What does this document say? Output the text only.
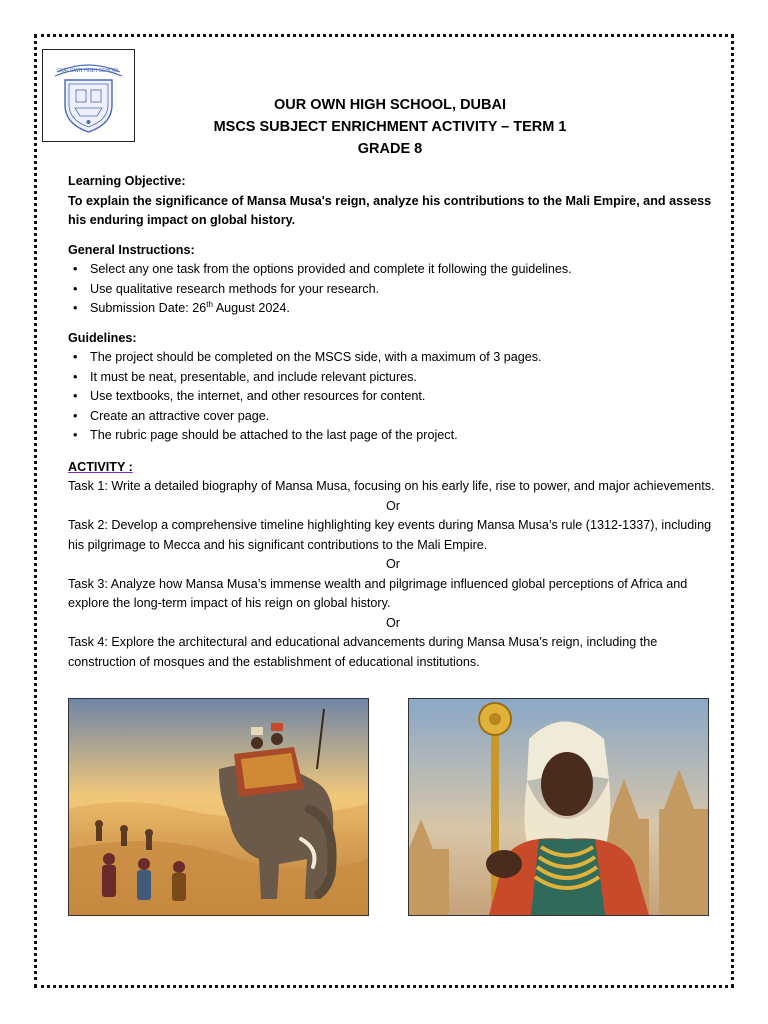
OUR OWN HIGH SCHOOL
OUR OWN HIGH SCHOOL, DUBAI
MSCS SUBJECT ENRICHMENT ACTIVITY – TERM 1
GRADE 8
Learning Objective:
To explain the significance of Mansa Musa's reign, analyze his contributions to the Mali Empire, and assess his enduring impact on global history.
General Instructions:
• Select any one task from the options provided and complete it following the guidelines.
• Use qualitative research methods for your research.
• Submission Date: 26th August 2024.
Guidelines:
• The project should be completed on the MSCS side, with a maximum of 3 pages.
• It must be neat, presentable, and include relevant pictures.
• Use textbooks, the internet, and other resources for content.
• Create an attractive cover page.
• The rubric page should be attached to the last page of the project.
ACTIVITY :
Task 1: Write a detailed biography of Mansa Musa, focusing on his early life, rise to power, and major achievements.
Or
Task 2: Develop a comprehensive timeline highlighting key events during Mansa Musa’s rule (1312-1337), including his pilgrimage to Mecca and his significant contributions to the Mali Empire.
Or
Task 3: Analyze how Mansa Musa’s immense wealth and pilgrimage influenced global perceptions of Africa and explore the long-term impact of his reign on global history.
Or
Task 4: Explore the architectural and educational advancements during Mansa Musa’s reign, including the construction of mosques and the establishment of educational institutions.
